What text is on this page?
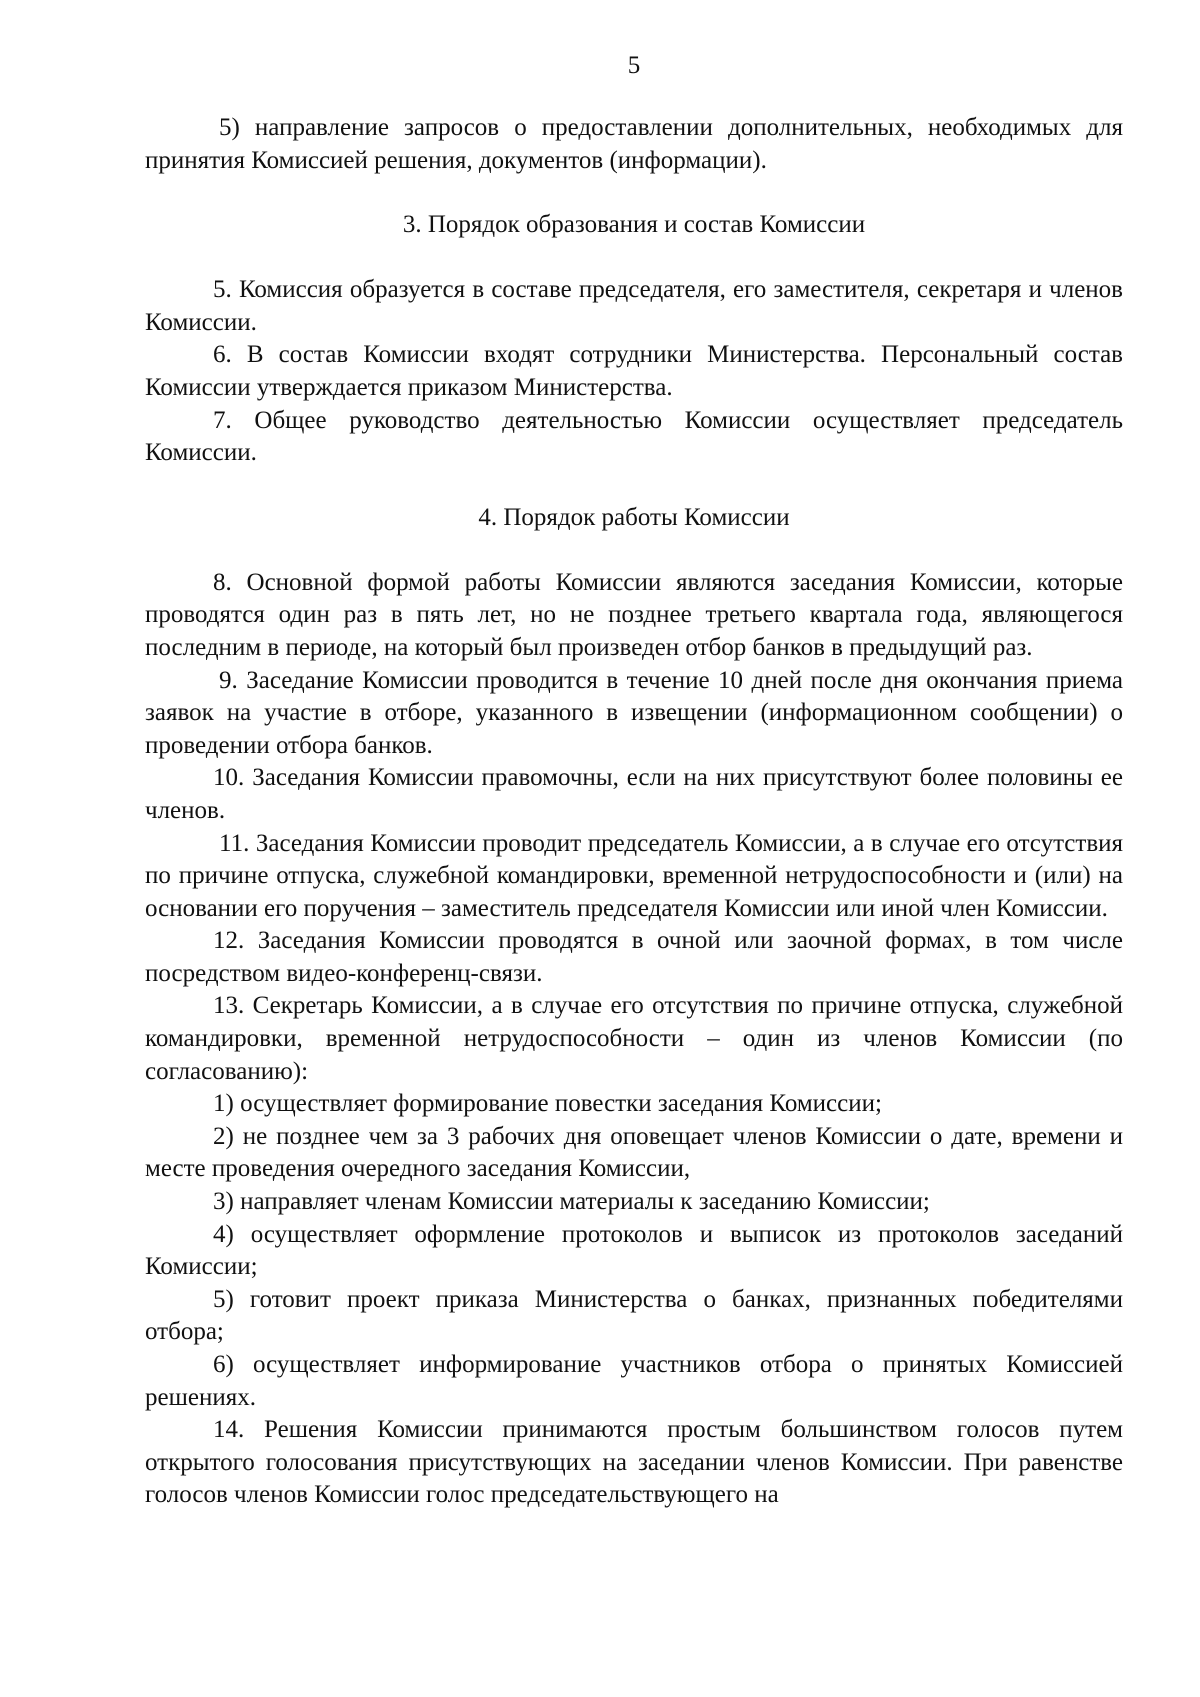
5

5) направление запросов о предоставлении дополнительных, необходимых для принятия Комиссией решения, документов (информации).

3. Порядок образования и состав Комиссии

5. Комиссия образуется в составе председателя, его заместителя, секретаря и членов Комиссии.

6. В состав Комиссии входят сотрудники Министерства. Персональный состав Комиссии утверждается приказом Министерства.

7. Общее руководство деятельностью Комиссии осуществляет председатель Комиссии.

4. Порядок работы Комиссии

8. Основной формой работы Комиссии являются заседания Комиссии, которые проводятся один раз в пять лет, но не позднее третьего квартала года, являющегося последним в периоде, на который был произведен отбор банков в предыдущий раз.

9. Заседание Комиссии проводится в течение 10 дней после дня окончания приема заявок на участие в отборе, указанного в извещении (информационном сообщении) о проведении отбора банков.

10. Заседания Комиссии правомочны, если на них присутствуют более половины ее членов.

11. Заседания Комиссии проводит председатель Комиссии, а в случае его отсутствия по причине отпуска, служебной командировки, временной нетрудоспособности и (или) на основании его поручения – заместитель председателя Комиссии или иной член Комиссии.

12. Заседания Комиссии проводятся в очной или заочной формах, в том числе посредством видео-конференц-связи.

13. Секретарь Комиссии, а в случае его отсутствия по причине отпуска, служебной командировки, временной нетрудоспособности – один из членов Комиссии (по согласованию):

1) осуществляет формирование повестки заседания Комиссии;

2) не позднее чем за 3 рабочих дня оповещает членов Комиссии о дате, времени и месте проведения очередного заседания Комиссии,

3) направляет членам Комиссии материалы к заседанию Комиссии;

4) осуществляет оформление протоколов и выписок из протоколов заседаний Комиссии;

5) готовит проект приказа Министерства о банках, признанных победителями отбора;

6) осуществляет информирование участников отбора о принятых Комиссией решениях.

14. Решения Комиссии принимаются простым большинством голосов путем открытого голосования присутствующих на заседании членов Комиссии. При равенстве голосов членов Комиссии голос председательствующего на
